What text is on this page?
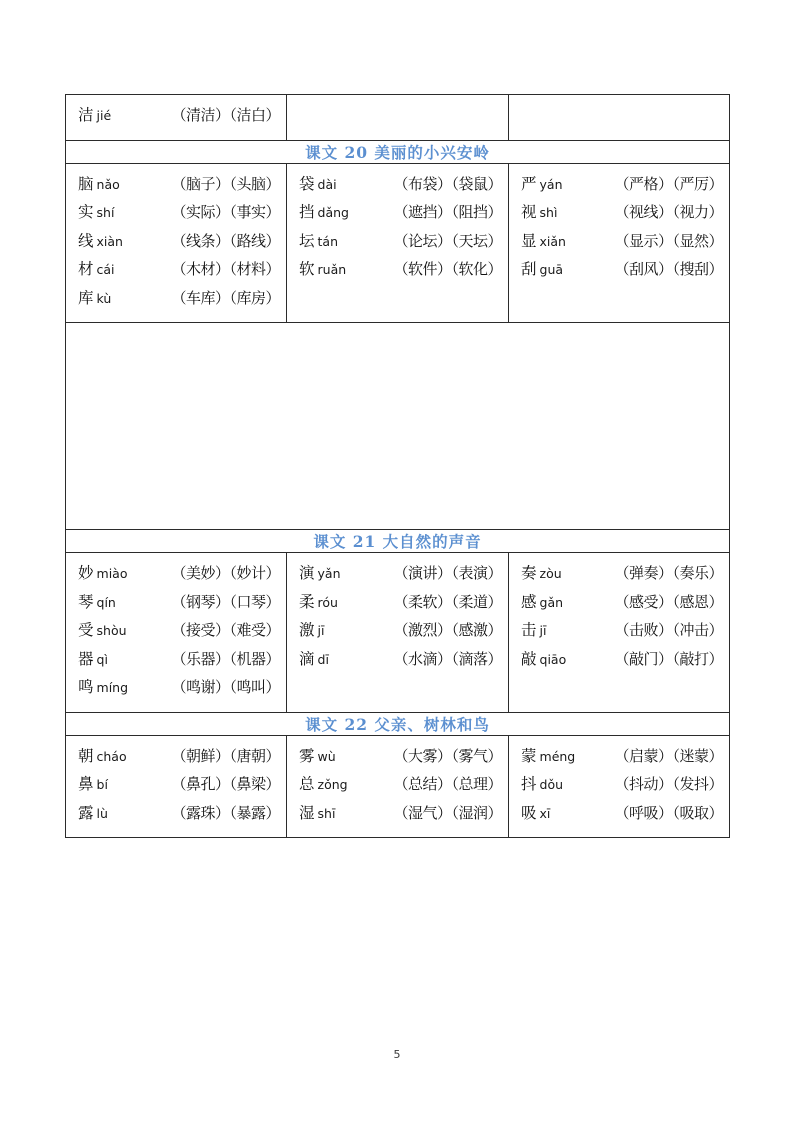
洁 jié （清洁）（洁白）		

课文 20 美丽的小兴安岭		

脑 nǎo	（脑子）（头脑）
实 shí	（实际）（事实）
线 xiàn	（线条）（路线）
材 cái	（木材）（材料）
库 kù	（车库）（库房）

袋 dài	（布袋）（袋鼠）
挡 dǎng	（遮挡）（阻挡）
坛 tán	（论坛）（天坛）
软 ruǎn	（软件）（软化）

严 yán	（严格）（严厉）
视 shì	（视线）（视力）
显 xiǎn	（显示）（显然）
刮 guā	（刮风）（搜刮）

课文 21 大自然的声音		

妙 miào	（美妙）（妙计）
琴 qín	（钢琴）（口琴）
受 shòu	（接受）（难受）
器 qì	（乐器）（机器）
鸣 míng	（鸣谢）（鸣叫）

演 yǎn	（演讲）（表演）
柔 róu	（柔软）（柔道）
激 jī	（激烈）（感激）
滴 dī	（水滴）（滴落）

奏 zòu	（弹奏）（奏乐）
感 gǎn	（感受）（感恩）
击 jī	（击败）（冲击）
敲 qiāo	（敲门）（敲打）

课文 22 父亲、树林和鸟		

朝 cháo	（朝鲜）（唐朝）
鼻 bí	（鼻孔）（鼻梁）
露 lù	（露珠）（暴露）

雾 wù	（大雾）（雾气）
总 zǒng	（总结）（总理）
湿 shī	（湿气）（湿润）

蒙 méng	（启蒙）（迷蒙）
抖 dǒu	（抖动）（发抖）
吸 xī	（呼吸）（吸取）
5
